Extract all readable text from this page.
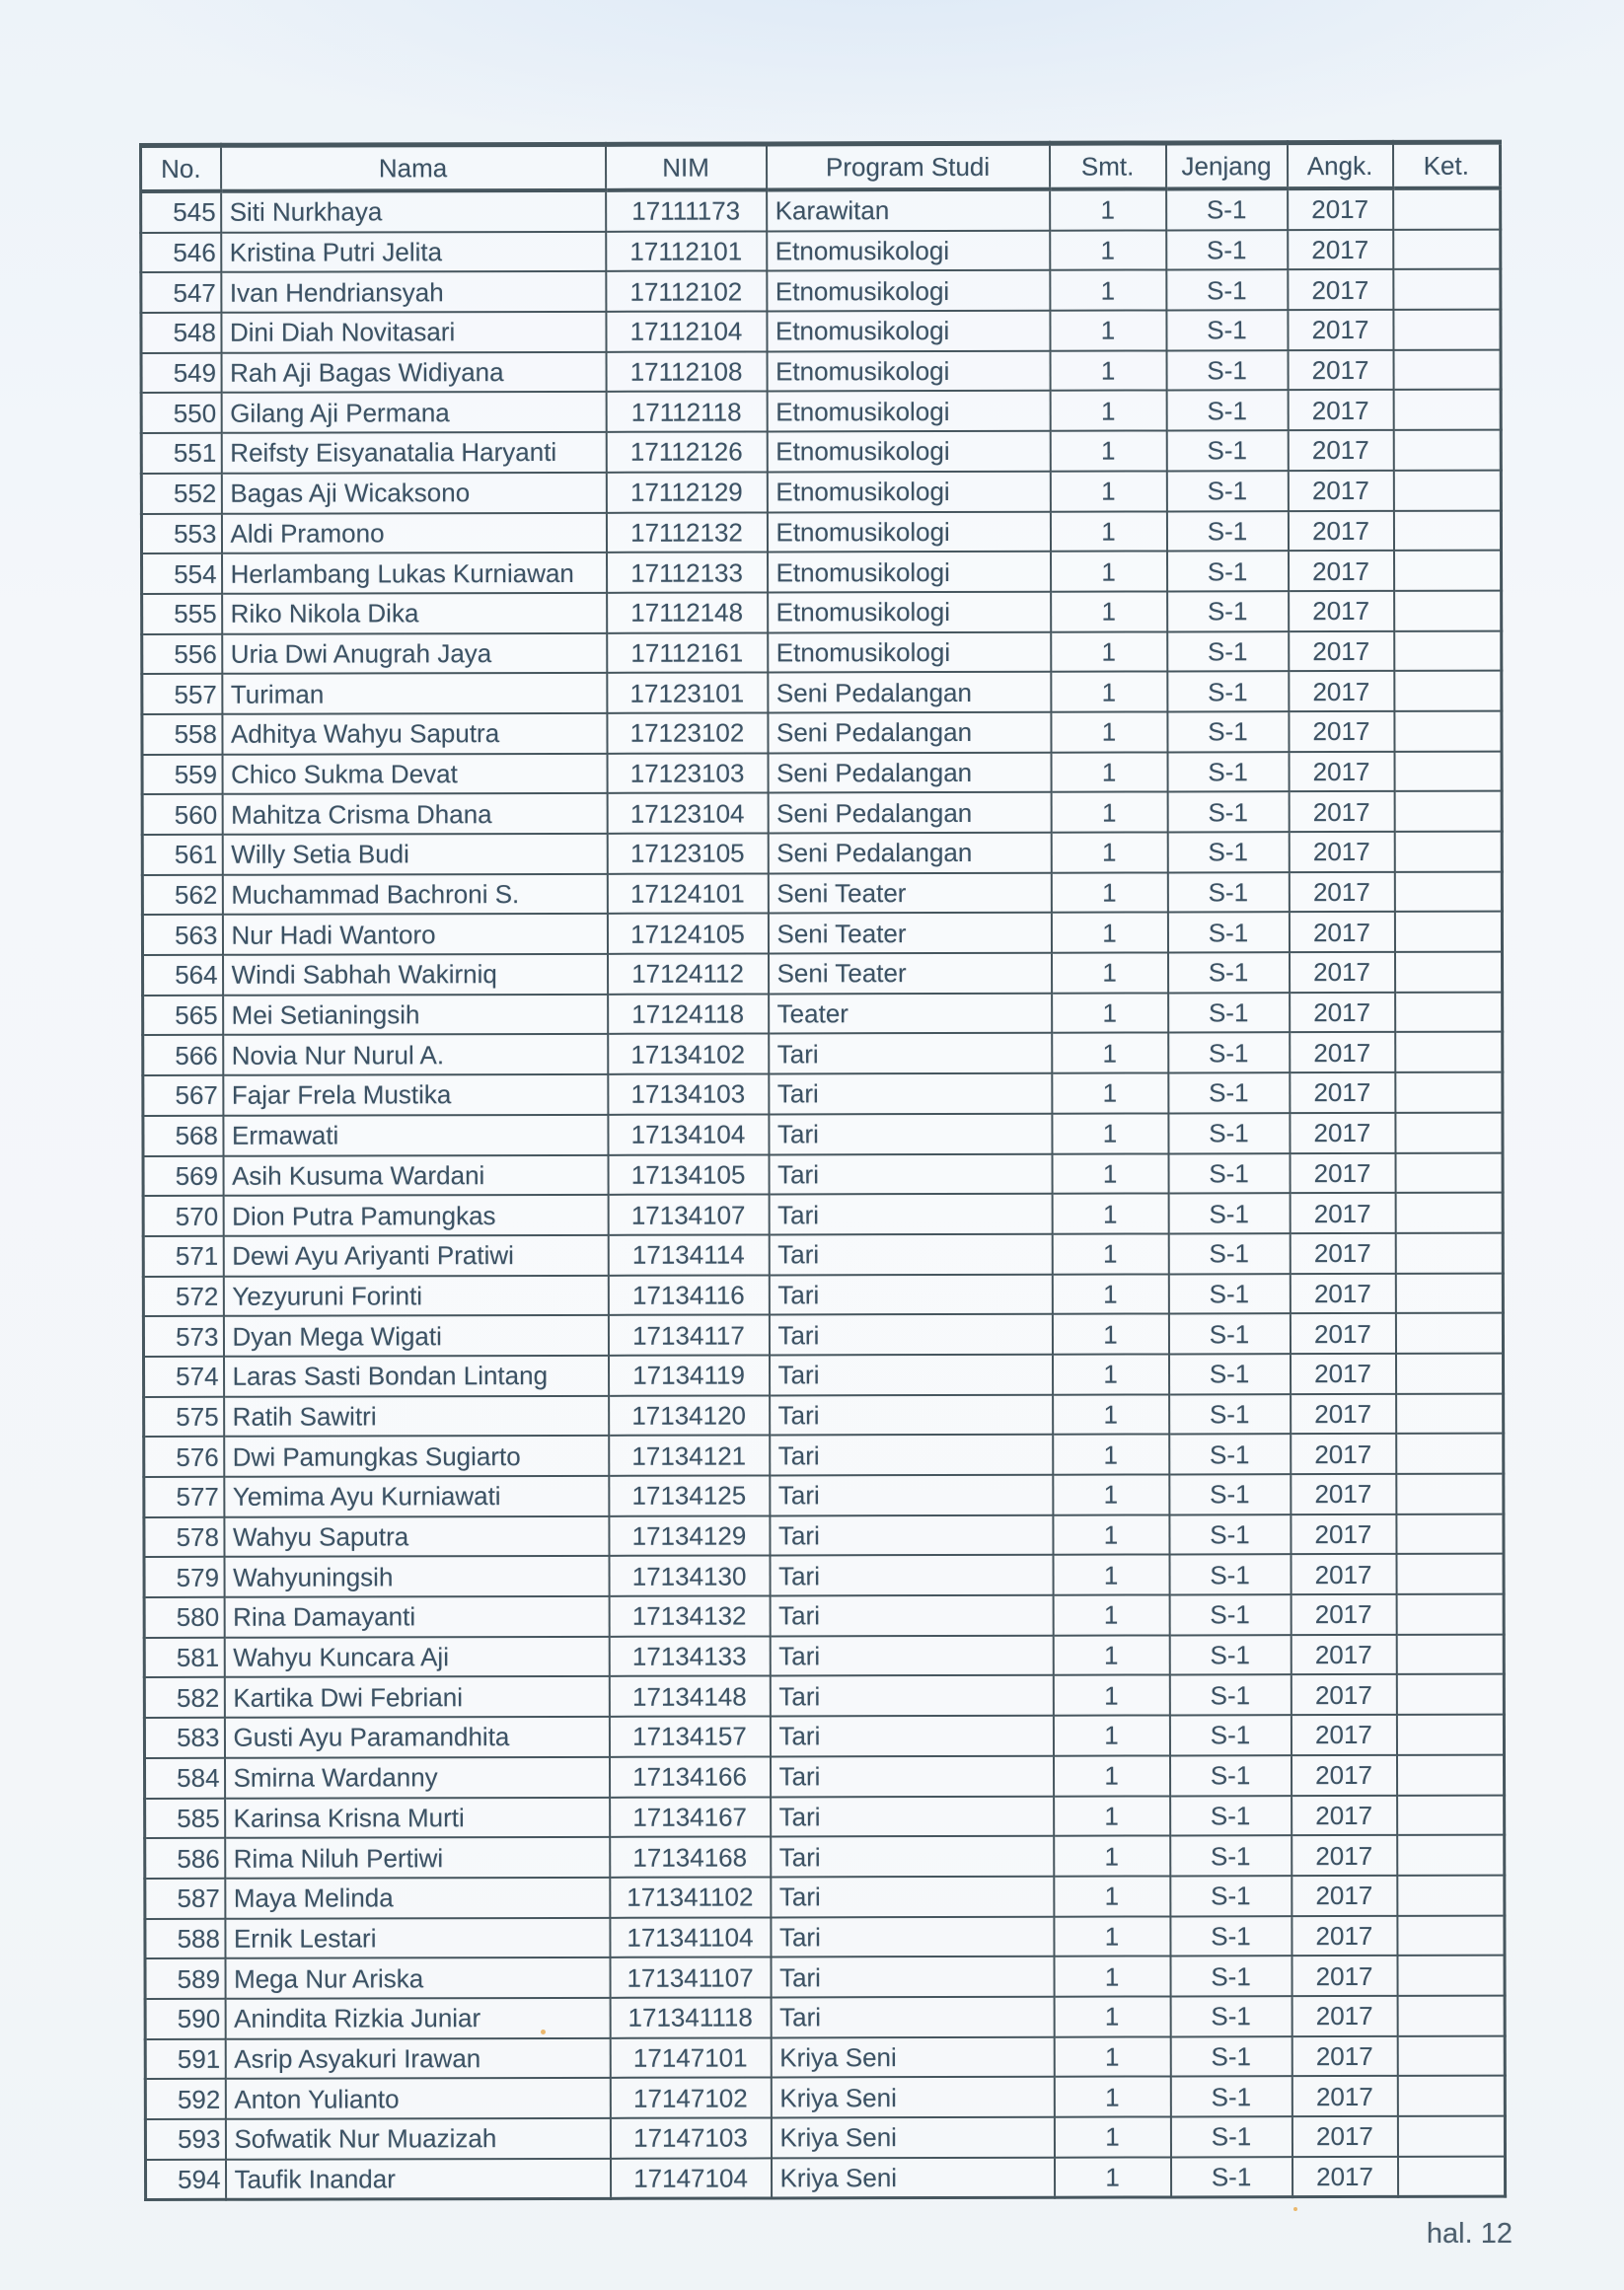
No.	Nama	NIM	Program Studi	Smt.	Jenjang	Angk.	Ket.
545	Siti Nurkhaya	17111173	Karawitan	1	S-1	2017	
546	Kristina Putri Jelita	17112101	Etnomusikologi	1	S-1	2017	
547	Ivan Hendriansyah	17112102	Etnomusikologi	1	S-1	2017	
548	Dini Diah Novitasari	17112104	Etnomusikologi	1	S-1	2017	
549	Rah Aji Bagas Widiyana	17112108	Etnomusikologi	1	S-1	2017	
550	Gilang Aji Permana	17112118	Etnomusikologi	1	S-1	2017	
551	Reifsty Eisyanatalia Haryanti	17112126	Etnomusikologi	1	S-1	2017	
552	Bagas Aji Wicaksono	17112129	Etnomusikologi	1	S-1	2017	
553	Aldi Pramono	17112132	Etnomusikologi	1	S-1	2017	
554	Herlambang Lukas Kurniawan	17112133	Etnomusikologi	1	S-1	2017	
555	Riko Nikola Dika	17112148	Etnomusikologi	1	S-1	2017	
556	Uria Dwi Anugrah Jaya	17112161	Etnomusikologi	1	S-1	2017	
557	Turiman	17123101	Seni Pedalangan	1	S-1	2017	
558	Adhitya Wahyu Saputra	17123102	Seni Pedalangan	1	S-1	2017	
559	Chico Sukma Devat	17123103	Seni Pedalangan	1	S-1	2017	
560	Mahitza Crisma Dhana	17123104	Seni Pedalangan	1	S-1	2017	
561	Willy Setia Budi	17123105	Seni Pedalangan	1	S-1	2017	
562	Muchammad Bachroni S.	17124101	Seni Teater	1	S-1	2017	
563	Nur Hadi Wantoro	17124105	Seni Teater	1	S-1	2017	
564	Windi Sabhah Wakirniq	17124112	Seni Teater	1	S-1	2017	
565	Mei Setianingsih	17124118	Teater	1	S-1	2017	
566	Novia Nur Nurul A.	17134102	Tari	1	S-1	2017	
567	Fajar Frela Mustika	17134103	Tari	1	S-1	2017	
568	Ermawati	17134104	Tari	1	S-1	2017	
569	Asih Kusuma Wardani	17134105	Tari	1	S-1	2017	
570	Dion Putra Pamungkas	17134107	Tari	1	S-1	2017	
571	Dewi Ayu Ariyanti Pratiwi	17134114	Tari	1	S-1	2017	
572	Yezyuruni Forinti	17134116	Tari	1	S-1	2017	
573	Dyan Mega Wigati	17134117	Tari	1	S-1	2017	
574	Laras Sasti Bondan Lintang	17134119	Tari	1	S-1	2017	
575	Ratih Sawitri	17134120	Tari	1	S-1	2017	
576	Dwi Pamungkas Sugiarto	17134121	Tari	1	S-1	2017	
577	Yemima Ayu Kurniawati	17134125	Tari	1	S-1	2017	
578	Wahyu Saputra	17134129	Tari	1	S-1	2017	
579	Wahyuningsih	17134130	Tari	1	S-1	2017	
580	Rina Damayanti	17134132	Tari	1	S-1	2017	
581	Wahyu Kuncara Aji	17134133	Tari	1	S-1	2017	
582	Kartika Dwi Febriani	17134148	Tari	1	S-1	2017	
583	Gusti Ayu Paramandhita	17134157	Tari	1	S-1	2017	
584	Smirna Wardanny	17134166	Tari	1	S-1	2017	
585	Karinsa Krisna Murti	17134167	Tari	1	S-1	2017	
586	Rima Niluh Pertiwi	17134168	Tari	1	S-1	2017	
587	Maya Melinda	171341102	Tari	1	S-1	2017	
588	Ernik Lestari	171341104	Tari	1	S-1	2017	
589	Mega Nur Ariska	171341107	Tari	1	S-1	2017	
590	Anindita Rizkia Juniar	171341118	Tari	1	S-1	2017	
591	Asrip Asyakuri Irawan	17147101	Kriya Seni	1	S-1	2017	
592	Anton Yulianto	17147102	Kriya Seni	1	S-1	2017	
593	Sofwatik Nur Muazizah	17147103	Kriya Seni	1	S-1	2017	
594	Taufik Inandar	17147104	Kriya Seni	1	S-1	2017	
hal. 12
